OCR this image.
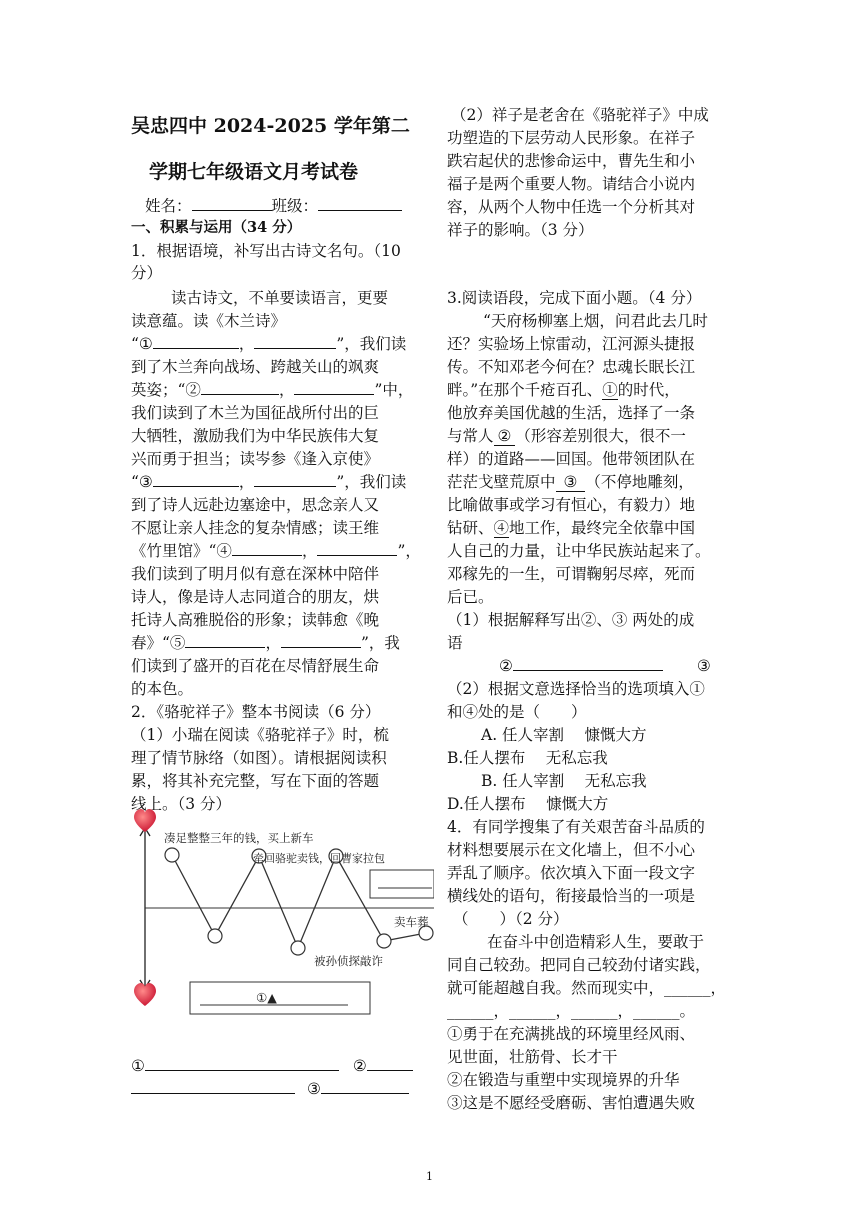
吴忠四中 2024-2025 学年第二
学期七年级语文月考试卷
姓名：	班级：
一、积累与运用（34 分）
1．根据语境，补写出古诗文名句。（10
分）
读古诗文，不单要读语言，更要
读意蕴。读《木兰诗》
“①	，	”，我们读
到了木兰奔向战场、跨越关山的飒爽
英姿；“②	，	”中，
我们读到了木兰为国征战所付出的巨
大牺牲，激励我们为中华民族伟大复
兴而勇于担当；读岑参《逢入京使》
“③	，	”，我们读
到了诗人远赴边塞途中，思念亲人又
不愿让亲人挂念的复杂情感；读王维
《竹里馆》“④	，	”，
我们读到了明月似有意在深林中陪伴
诗人，像是诗人志同道合的朋友，烘
托诗人高雅脱俗的形象；读韩愈《晚
春》“⑤	，	”，我
们读到了盛开的百花在尽情舒展生命
的本色。
2．《骆驼祥子》整本书阅读（6 分）
（1）小瑞在阅读《骆驼祥子》时，梳
理了情节脉络（如图）。请根据阅读积
累，将其补充完整，写在下面的答题
线上。（3 分）
①	②
③
凑足整整三年的钱，买上新车
牵回骆驼卖钱，回曹家拉包
卖车葬
被孙侦探敲诈
①▲
（2）祥子是老舍在《骆驼祥子》中成
功塑造的下层劳动人民形象。在祥子
跌宕起伏的悲惨命运中，曹先生和小
福子是两个重要人物。请结合小说内
容，从两个人物中任选一个分析其对
祥子的影响。（3 分）
3.阅读语段，完成下面小题。（4 分）
“天府杨柳塞上烟，问君此去几时
还？实验场上惊雷动，江河源头捷报
传。不知邓老今何在？忠魂长眠长江
畔。”在那个千疮百孔、①的时代，
他放弃美国优越的生活，选择了一条
与常人 ② （形容差别很大，很不一
样）的道路——回国。他带领团队在
茫茫戈壁荒原中 ③ （不停地雕刻，
比喻做事或学习有恒心，有毅力）地
钻研、④地工作，最终完全依靠中国
人自己的力量，让中华民族站起来了。
邓稼先的一生，可谓鞠躬尽瘁，死而
后已。
（1）根据解释写出②、③ 两处的成
语
②	③
（2）根据文意选择恰当的选项填入①
和④处的是（　　）
A. 任人宰割　 慷慨大方
B.任人摆布　 无私忘我
B. 任人宰割　 无私忘我
D.任人摆布　 慷慨大方
4．有同学搜集了有关艰苦奋斗品质的
材料想要展示在文化墙上，但不小心
弄乱了顺序。依次填入下面一段文字
横线处的语句，衔接最恰当的一项是
（　　）（2 分）
在奋斗中创造精彩人生，要敢于
同自己较劲。把同自己较劲付诸实践，
就可能超越自我。然而现实中，______，
______，______，______，______。
①勇于在充满挑战的环境里经风雨、
见世面，壮筋骨、长才干
②在锻造与重塑中实现境界的升华
③这是不愿经受磨砺、害怕遭遇失败
1
